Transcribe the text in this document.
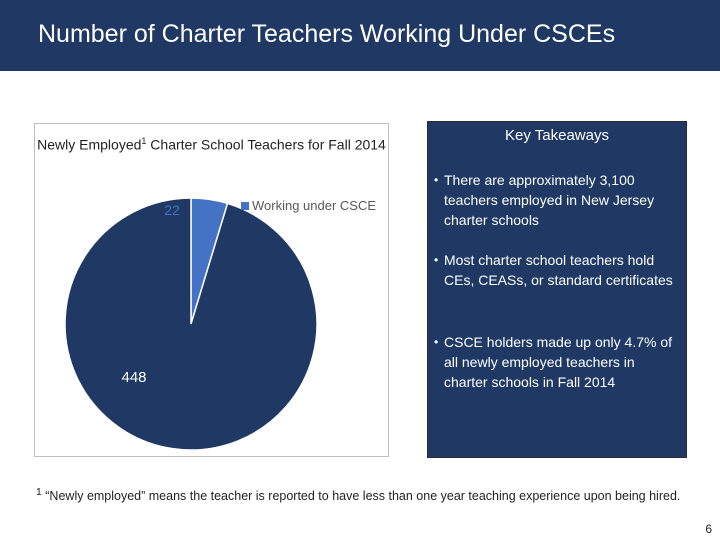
Number of Charter Teachers Working Under CSCEs
Newly Employed$^1$ Charter School Teachers for Fall 2014
22
448
Working under CSCE
Key Takeaways
• There are approximately 3,100 teachers employed in New Jersey charter schools
• Most charter school teachers hold CEs, CEASs, or standard certificates
• CSCE holders made up only 4.7% of all newly employed teachers in charter schools in Fall 2014
$^1$ “Newly employed” means the teacher is reported to have less than one year teaching experience upon being hired.
6
